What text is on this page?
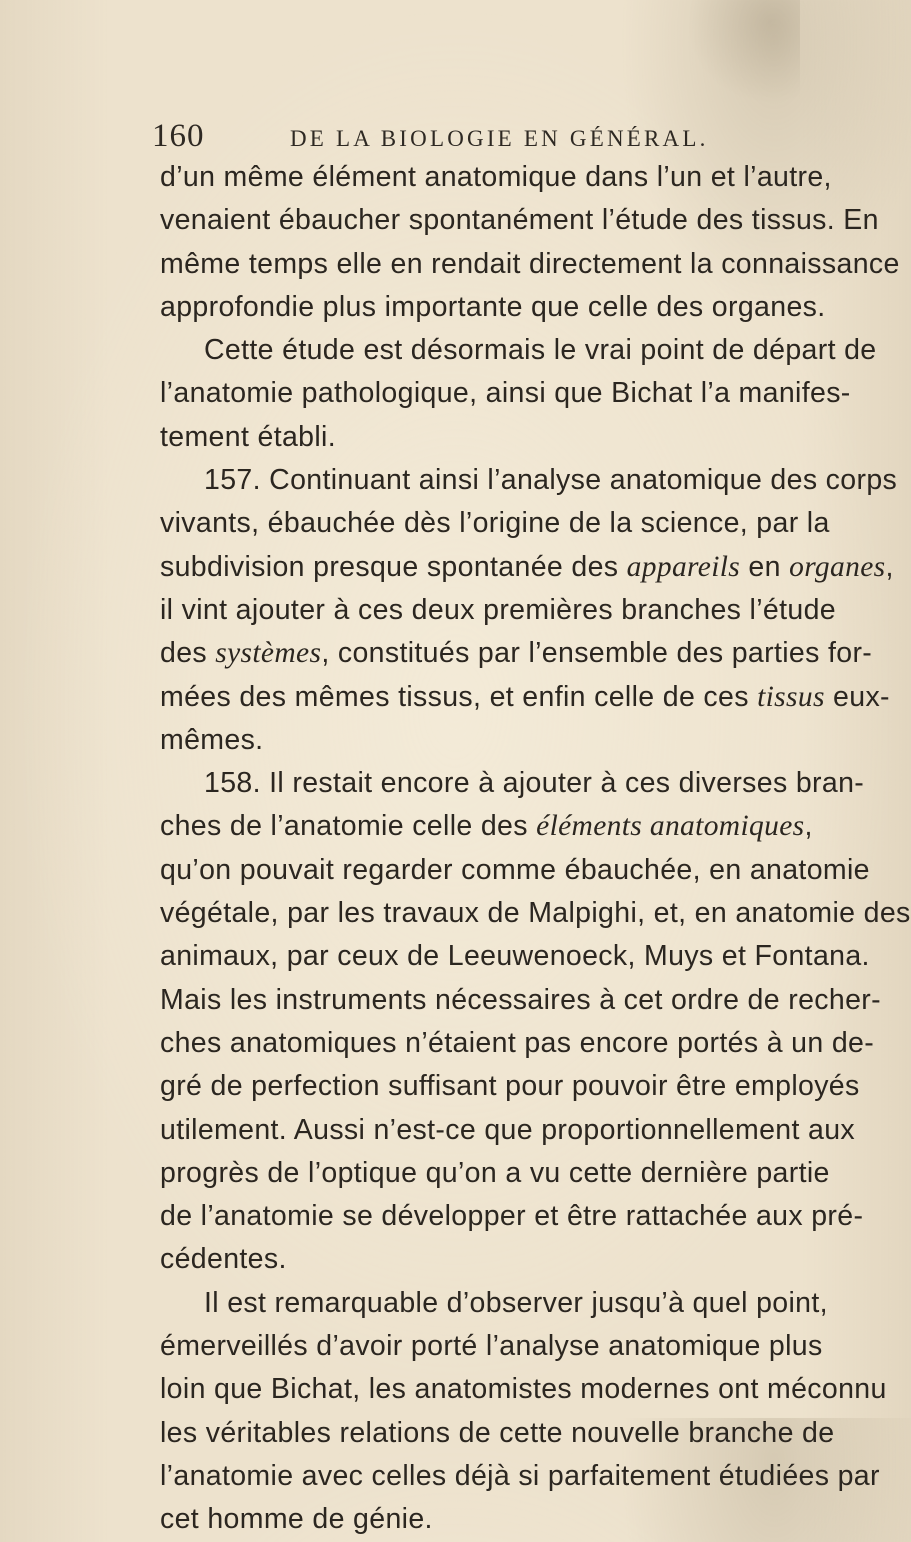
160	DE LA BIOLOGIE EN GÉNÉRAL.
d’un même élément anatomique dans l’un et l’autre,
venaient ébaucher spontanément l’étude des tissus. En
même temps elle en rendait directement la connaissance
approfondie plus importante que celle des organes.
Cette étude est désormais le vrai point de départ de
l’anatomie pathologique, ainsi que Bichat l’a manifes-
tement établi.
157. Continuant ainsi l’analyse anatomique des corps
vivants, ébauchée dès l’origine de la science, par la
subdivision presque spontanée des appareils en organes,
il vint ajouter à ces deux premières branches l’étude
des systèmes, constitués par l’ensemble des parties for-
mées des mêmes tissus, et enfin celle de ces tissus eux-
mêmes.
158. Il restait encore à ajouter à ces diverses bran-
ches de l’anatomie celle des éléments anatomiques,
qu’on pouvait regarder comme ébauchée, en anatomie
végétale, par les travaux de Malpighi, et, en anatomie des
animaux, par ceux de Leeuwenoeck, Muys et Fontana.
Mais les instruments nécessaires à cet ordre de recher-
ches anatomiques n’étaient pas encore portés à un de-
gré de perfection suffisant pour pouvoir être employés
utilement. Aussi n’est-ce que proportionnellement aux
progrès de l’optique qu’on a vu cette dernière partie
de l’anatomie se développer et être rattachée aux pré-
cédentes.
Il est remarquable d’observer jusqu’à quel point,
émerveillés d’avoir porté l’analyse anatomique plus
loin que Bichat, les anatomistes modernes ont méconnu
les véritables relations de cette nouvelle branche de
l’anatomie avec celles déjà si parfaitement étudiées par
cet homme de génie.
